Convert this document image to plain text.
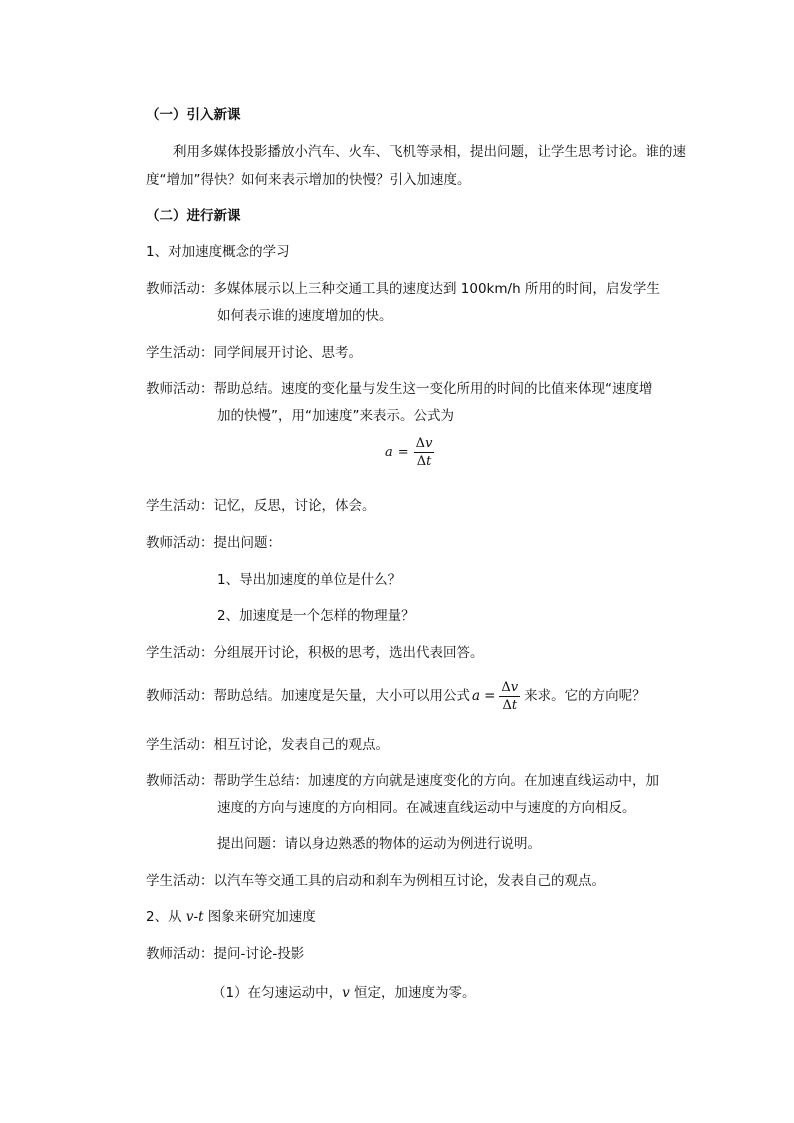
（一）引入新课
利用多媒体投影播放小汽车、火车、飞机等录相，提出问题，让学生思考讨论。谁的速
度“增加”得快？如何来表示增加的快慢？引入加速度。
（二）进行新课
1、对加速度概念的学习
教师活动：多媒体展示以上三种交通工具的速度达到 100km/h 所用的时间，启发学生
如何表示谁的速度增加的快。
学生活动：同学间展开讨论、思考。
教师活动：帮助总结。速度的变化量与发生这一变化所用的时间的比值来体现“速度增
加的快慢”，用“加速度”来表示。公式为
$a = \frac{\Delta v}{\Delta t}$
学生活动：记忆，反思，讨论，体会。
教师活动：提出问题：
1、导出加速度的单位是什么？
2、加速度是一个怎样的物理量？
学生活动：分组展开讨论，积极的思考，选出代表回答。
教师活动： 帮助总结。加速度是矢量，大小可以用公式 $a = \frac{\Delta v}{\Delta t}$ 来求。它的方向呢？
学生活动：相互讨论，发表自己的观点。
教师活动：帮助学生总结：加速度的方向就是速度变化的方向。在加速直线运动中，加
速度的方向与速度的方向相同。在减速直线运动中与速度的方向相反。
提出问题：请以身边熟悉的物体的运动为例进行说明。
学生活动：以汽车等交通工具的启动和刹车为例相互讨论，发表自己的观点。
2、从 v-t 图象来研究加速度
教师活动：提问-讨论-投影
（1）在匀速运动中，v 恒定，加速度为零。
